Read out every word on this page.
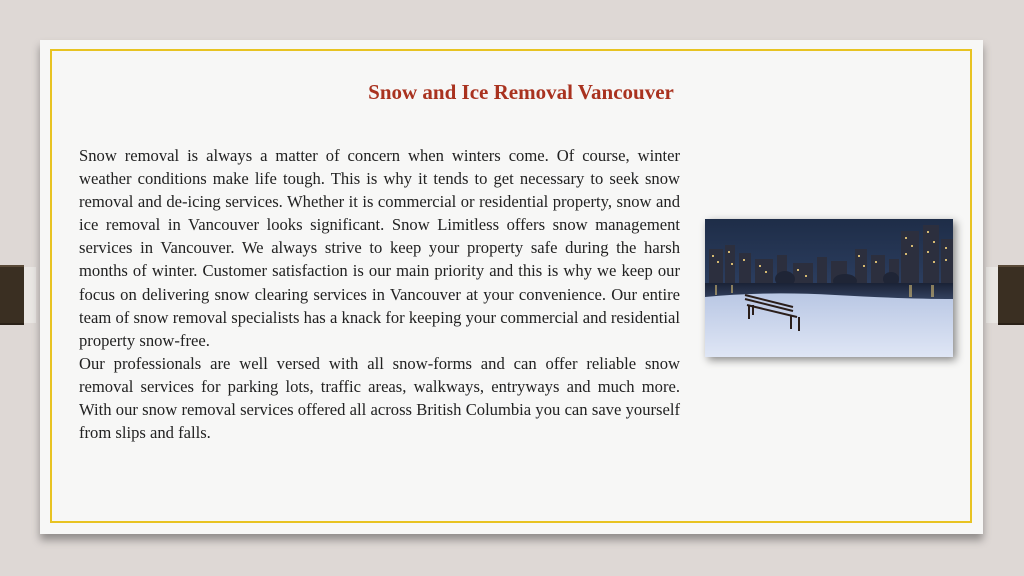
Snow and Ice Removal Vancouver

Snow removal is always a matter of concern when winters come. Of course, winter weather conditions make life tough. This is why it tends to get necessary to seek snow removal and de-icing services. Whether it is commercial or residential property, snow and ice removal in Vancouver looks significant. Snow Limitless offers snow management services in Vancouver. We always strive to keep your property safe during the harsh months of winter. Customer satisfaction is our main priority and this is why we keep our focus on delivering snow clearing services in Vancouver at your convenience. Our entire team of snow removal specialists has a knack for keeping your commercial and residential property snow-free.

Our professionals are well versed with all snow-forms and can offer reliable snow removal services for parking lots, traffic areas, walkways, entryways and much more. With our snow removal services offered all across British Columbia you can save yourself from slips and falls.
